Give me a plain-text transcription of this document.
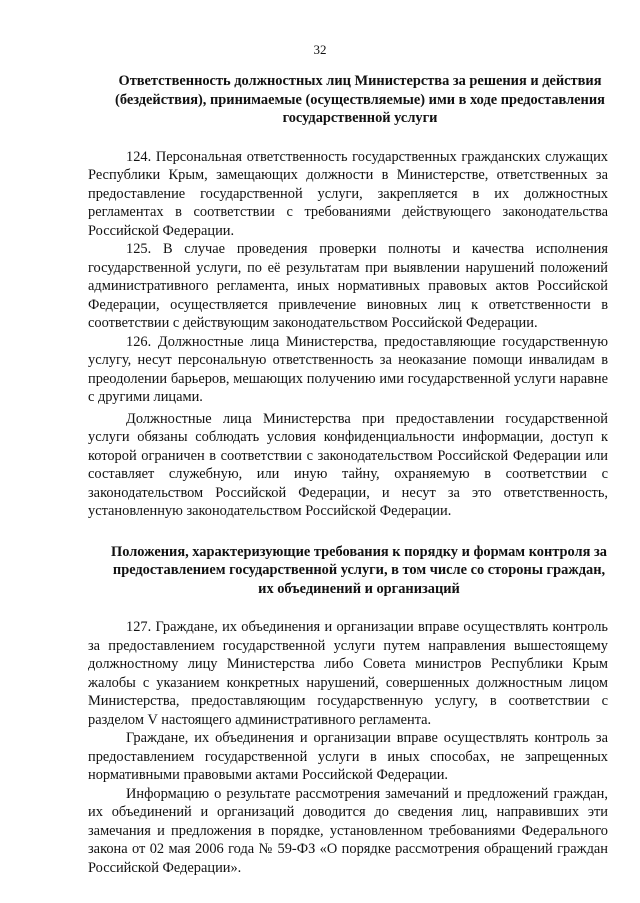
32
Ответственность должностных лиц Министерства за решения и действия (бездействия), принимаемые (осуществляемые) ими в ходе предоставления государственной услуги

124. Персональная ответственность государственных гражданских служащих Республики Крым, замещающих должности в Министерстве, ответственных за предоставление государственной услуги, закрепляется в их должностных регламентах в соответствии с требованиями действующего законодательства Российской Федерации.

125. В случае проведения проверки полноты и качества исполнения государственной услуги, по её результатам при выявлении нарушений положений административного регламента, иных нормативных правовых актов Российской Федерации, осуществляется привлечение виновных лиц к ответственности в соответствии с действующим законодательством Российской Федерации.

126. Должностные лица Министерства, предоставляющие государственную услугу, несут персональную ответственность за неоказание помощи инвалидам в преодолении барьеров, мешающих получению ими государственной услуги наравне с другими лицами.

Должностные лица Министерства при предоставлении государственной услуги обязаны соблюдать условия конфиденциальности информации, доступ к которой ограничен в соответствии с законодательством Российской Федерации или составляет служебную, или иную тайну, охраняемую в соответствии с законодательством Российской Федерации, и несут за это ответственность, установленную законодательством Российской Федерации.

Положения, характеризующие требования к порядку и формам контроля за предоставлением государственной услуги, в том числе со стороны граждан, их объединений и организаций

127. Граждане, их объединения и организации вправе осуществлять контроль за предоставлением государственной услуги путем направления вышестоящему должностному лицу Министерства либо Совета министров Республики Крым жалобы с указанием конкретных нарушений, совершенных должностным лицом Министерства, предоставляющим государственную услугу, в соответствии с разделом V настоящего административного регламента.

Граждане, их объединения и организации вправе осуществлять контроль за предоставлением государственной услуги в иных способах, не запрещенных нормативными правовыми актами Российской Федерации.

Информацию о результате рассмотрения замечаний и предложений граждан, их объединений и организаций доводится до сведения лиц, направивших эти замечания и предложения в порядке, установленном требованиями Федерального закона от 02 мая 2006 года № 59-ФЗ «О порядке рассмотрения обращений граждан Российской Федерации».
